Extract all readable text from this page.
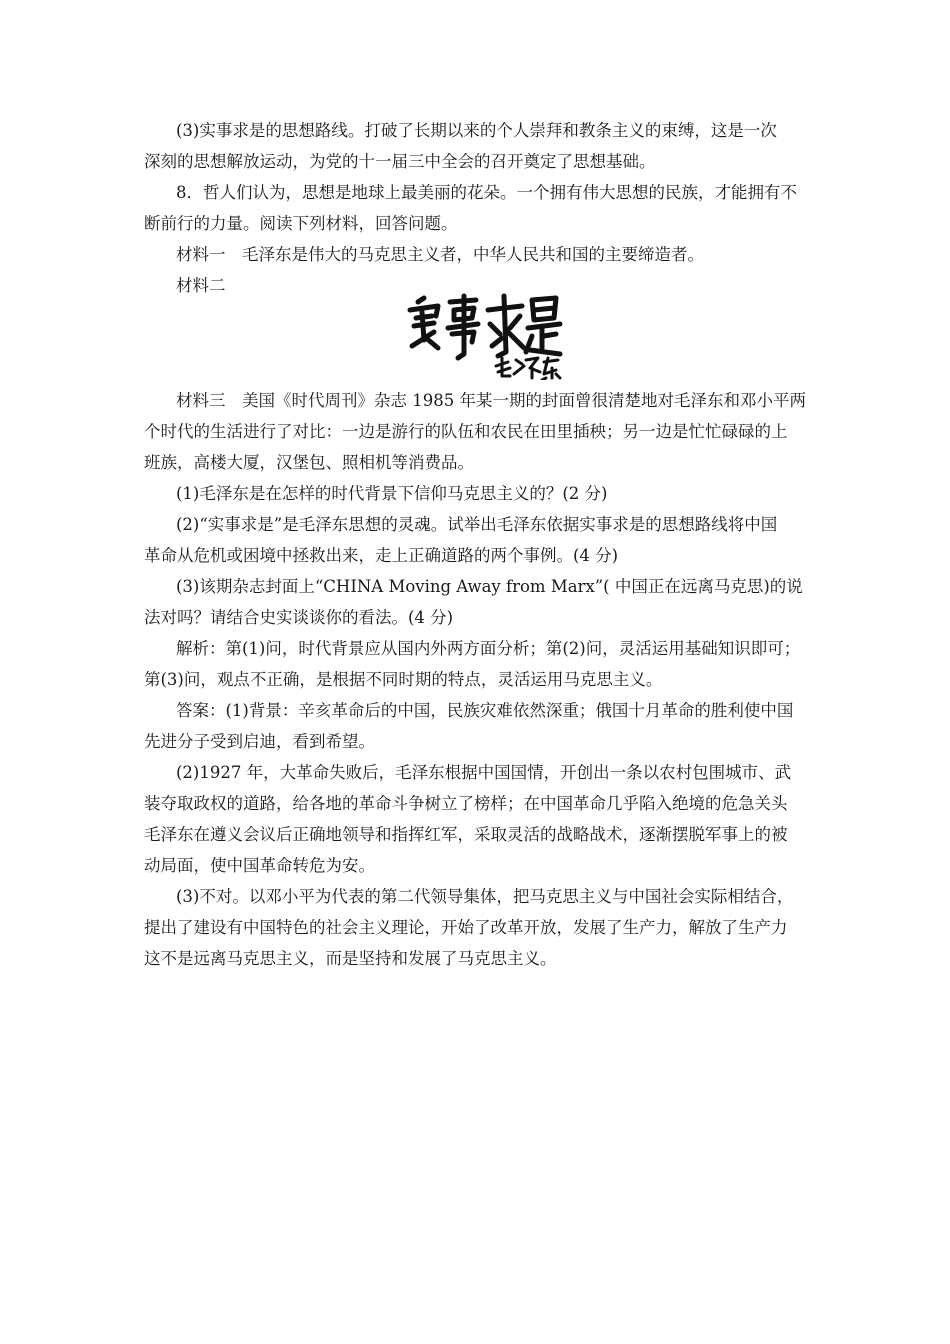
(3)实事求是的思想路线。打破了长期以来的个人崇拜和教条主义的束缚，这是一次
深刻的思想解放运动，为党的十一届三中全会的召开奠定了思想基础。
8．哲人们认为，思想是地球上最美丽的花朵。一个拥有伟大思想的民族，才能拥有不
断前行的力量。阅读下列材料，回答问题。
材料一　毛泽东是伟大的马克思主义者，中华人民共和国的主要缔造者。
材料二
材料三　美国《时代周刊》杂志 1985 年某一期的封面曾很清楚地对毛泽东和邓小平两
个时代的生活进行了对比：一边是游行的队伍和农民在田里插秧；另一边是忙忙碌碌的上
班族，高楼大厦，汉堡包、照相机等消费品。
(1)毛泽东是在怎样的时代背景下信仰马克思主义的？(2 分)
(2)“实事求是”是毛泽东思想的灵魂。试举出毛泽东依据实事求是的思想路线将中国
革命从危机或困境中拯救出来，走上正确道路的两个事例。(4 分)
(3)该期杂志封面上“CHINA Moving Away from Marx”( 中国正在远离马克思)的说
法对吗？请结合史实谈谈你的看法。(4 分)
解析：第(1)问，时代背景应从国内外两方面分析；第(2)问，灵活运用基础知识即可；
第(3)问，观点不正确，是根据不同时期的特点，灵活运用马克思主义。
答案：(1)背景：辛亥革命后的中国，民族灾难依然深重；俄国十月革命的胜利使中国
先进分子受到启迪，看到希望。
(2)1927 年，大革命失败后，毛泽东根据中国国情，开创出一条以农村包围城市、武
装夺取政权的道路，给各地的革命斗争树立了榜样；在中国革命几乎陷入绝境的危急关头
毛泽东在遵义会议后正确地领导和指挥红军，采取灵活的战略战术，逐渐摆脱军事上的被
动局面，使中国革命转危为安。
(3)不对。以邓小平为代表的第二代领导集体，把马克思主义与中国社会实际相结合，
提出了建设有中国特色的社会主义理论，开始了改革开放，发展了生产力，解放了生产力
这不是远离马克思主义，而是坚持和发展了马克思主义。
